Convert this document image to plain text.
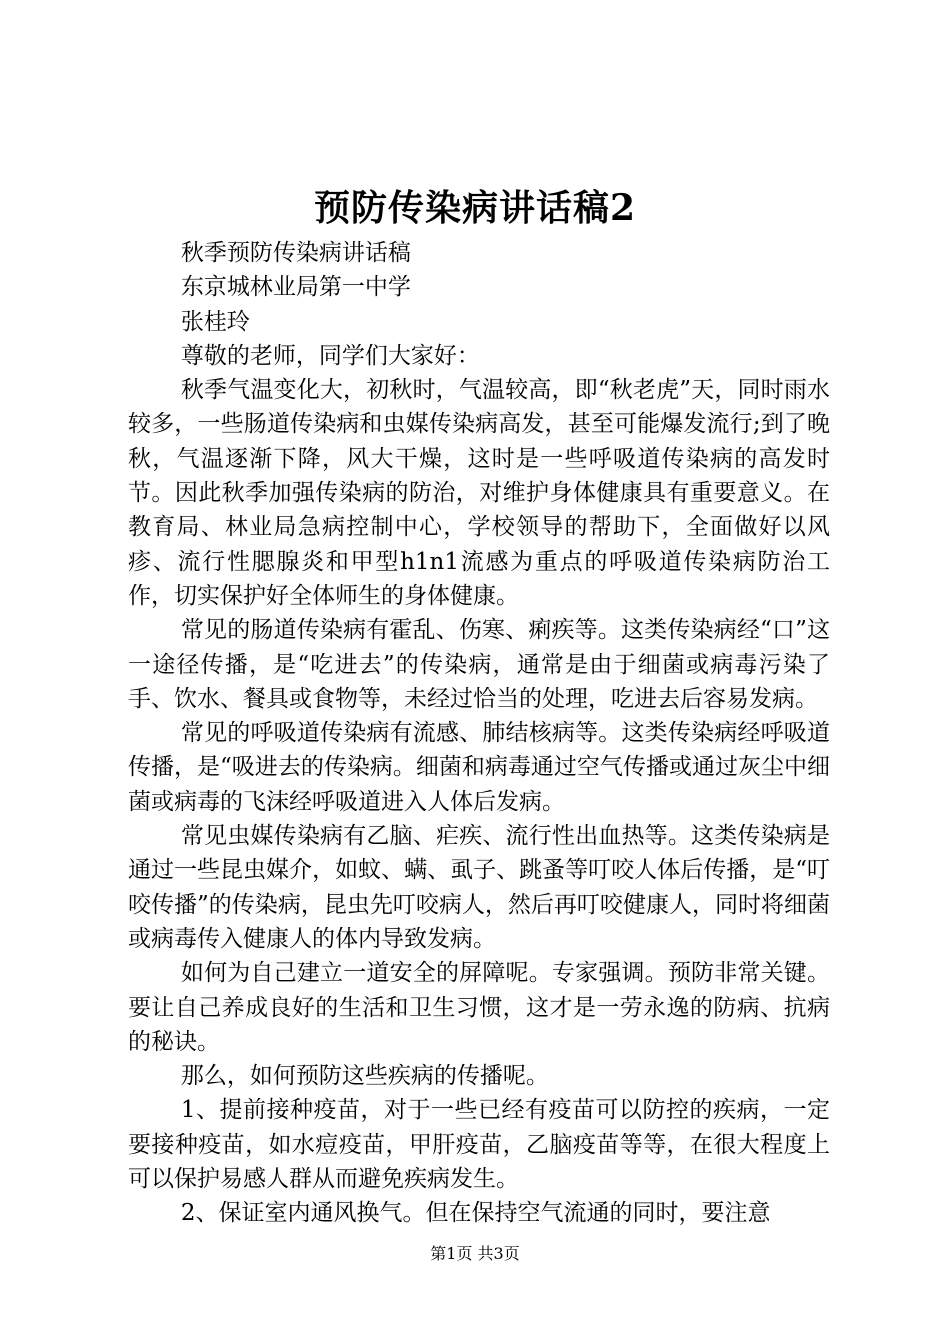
预防传染病讲话稿2

秋季预防传染病讲话稿

东京城林业局第一中学

张桂玲

尊敬的老师，同学们大家好：

秋季气温变化大，初秋时，气温较高，即“秋老虎”天，同时雨水较多，一些肠道传染病和虫媒传染病高发，甚至可能爆发流行;到了晚秋，气温逐渐下降，风大干燥，这时是一些呼吸道传染病的高发时节。因此秋季加强传染病的防治，对维护身体健康具有重要意义。在教育局、林业局急病控制中心，学校领导的帮助下，全面做好以风疹、流行性腮腺炎和甲型h1n1流感为重点的呼吸道传染病防治工作，切实保护好全体师生的身体健康。

常见的肠道传染病有霍乱、伤寒、痢疾等。这类传染病经“口”这一途径传播，是“吃进去”的传染病，通常是由于细菌或病毒污染了手、饮水、餐具或食物等，未经过恰当的处理，吃进去后容易发病。

常见的呼吸道传染病有流感、肺结核病等。这类传染病经呼吸道传播，是“吸进去的传染病。细菌和病毒通过空气传播或通过灰尘中细菌或病毒的飞沫经呼吸道进入人体后发病。

常见虫媒传染病有乙脑、疟疾、流行性出血热等。这类传染病是通过一些昆虫媒介，如蚊、螨、虱子、跳蚤等叮咬人体后传播，是“叮咬传播”的传染病，昆虫先叮咬病人，然后再叮咬健康人，同时将细菌或病毒传入健康人的体内导致发病。

如何为自己建立一道安全的屏障呢。专家强调。预防非常关键。要让自己养成良好的生活和卫生习惯，这才是一劳永逸的防病、抗病的秘诀。

那么，如何预防这些疾病的传播呢。

1、提前接种疫苗，对于一些已经有疫苗可以防控的疾病，一定要接种疫苗，如水痘疫苗，甲肝疫苗，乙脑疫苗等等，在很大程度上可以保护易感人群从而避免疾病发生。

2、保证室内通风换气。但在保持空气流通的同时，要注意

第1页 共3页
